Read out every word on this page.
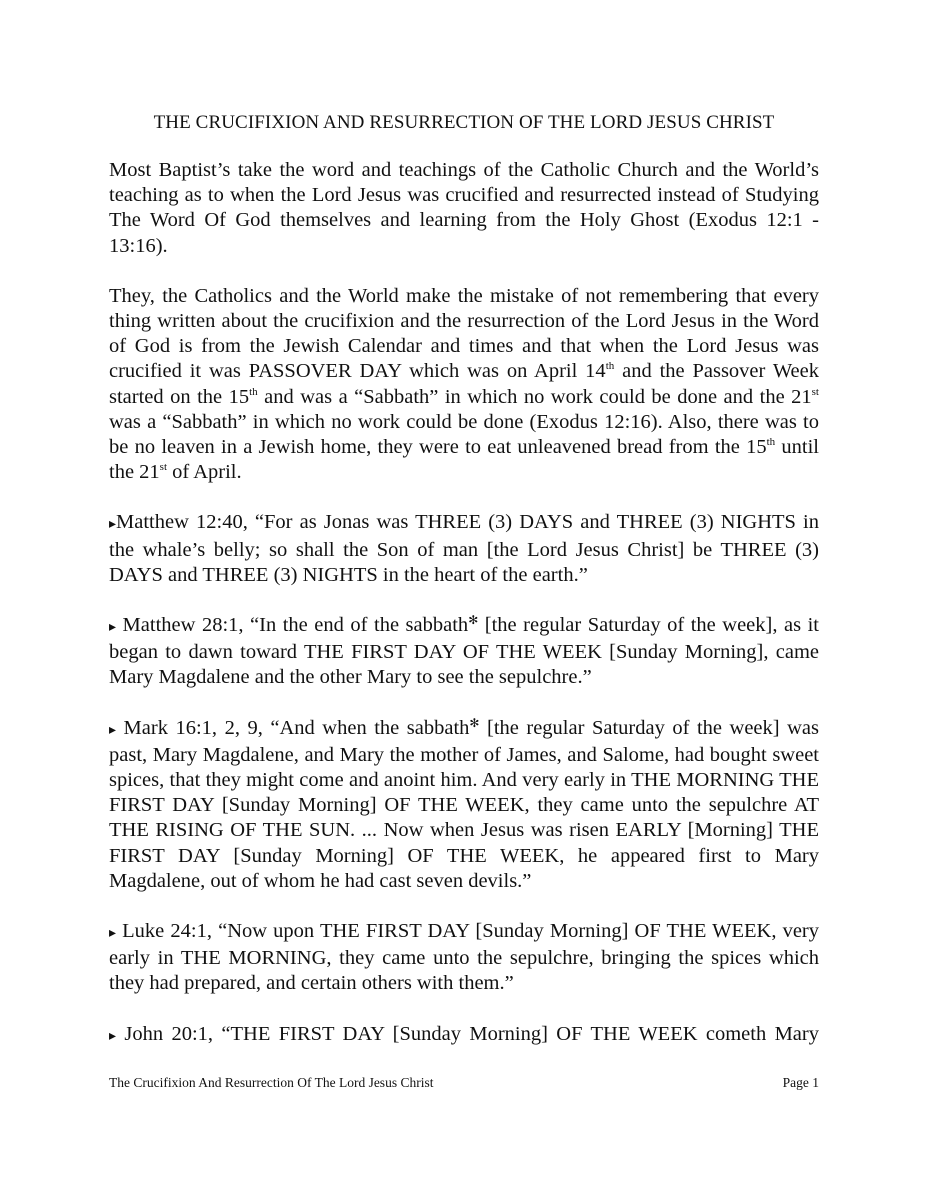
THE CRUCIFIXION AND RESURRECTION OF THE LORD JESUS CHRIST

Most Baptist’s take the word and teachings of the Catholic Church and the World’s teaching as to when the Lord Jesus was crucified and resurrected instead of Studying The Word Of God themselves and learning from the Holy Ghost (Exodus 12:1 - 13:16).

They, the Catholics and the World make the mistake of not remembering that every thing written about the crucifixion and the resurrection of the Lord Jesus in the Word of God is from the Jewish Calendar and times and that when the Lord Jesus was crucified it was PASSOVER DAY which was on April 14th and the Passover Week started on the 15th and was a “Sabbath” in which no work could be done and the 21st was a “Sabbath” in which no work could be done (Exodus 12:16). Also, there was to be no leaven in a Jewish home, they were to eat unleavened bread from the 15th until the 21st of April.

▸Matthew 12:40, “For as Jonas was THREE (3) DAYS and THREE (3) NIGHTS in the whale’s belly; so shall the Son of man [the Lord Jesus Christ] be THREE (3) DAYS and THREE (3) NIGHTS in the heart of the earth.”

▸ Matthew 28:1, “In the end of the sabbath✻ [the regular Saturday of the week], as it began to dawn toward THE FIRST DAY OF THE WEEK [Sunday Morning], came Mary Magdalene and the other Mary to see the sepulchre.”

▸ Mark 16:1, 2, 9, “And when the sabbath✻ [the regular Saturday of the week] was past, Mary Magdalene, and Mary the mother of James, and Salome, had bought sweet spices, that they might come and anoint him. And very early in THE MORNING THE FIRST DAY [Sunday Morning] OF THE WEEK, they came unto the sepulchre AT THE RISING OF THE SUN. ... Now when Jesus was risen EARLY [Morning] THE FIRST DAY [Sunday Morning] OF THE WEEK, he appeared first to Mary Magdalene, out of whom he had cast seven devils.”

▸ Luke 24:1, “Now upon THE FIRST DAY [Sunday Morning] OF THE WEEK, very early in THE MORNING, they came unto the sepulchre, bringing the spices which they had prepared, and certain others with them.”

▸ John 20:1, “THE FIRST DAY [Sunday Morning] OF THE WEEK cometh Mary

The Crucifixion And Resurrection Of The Lord Jesus Christ	Page 1
